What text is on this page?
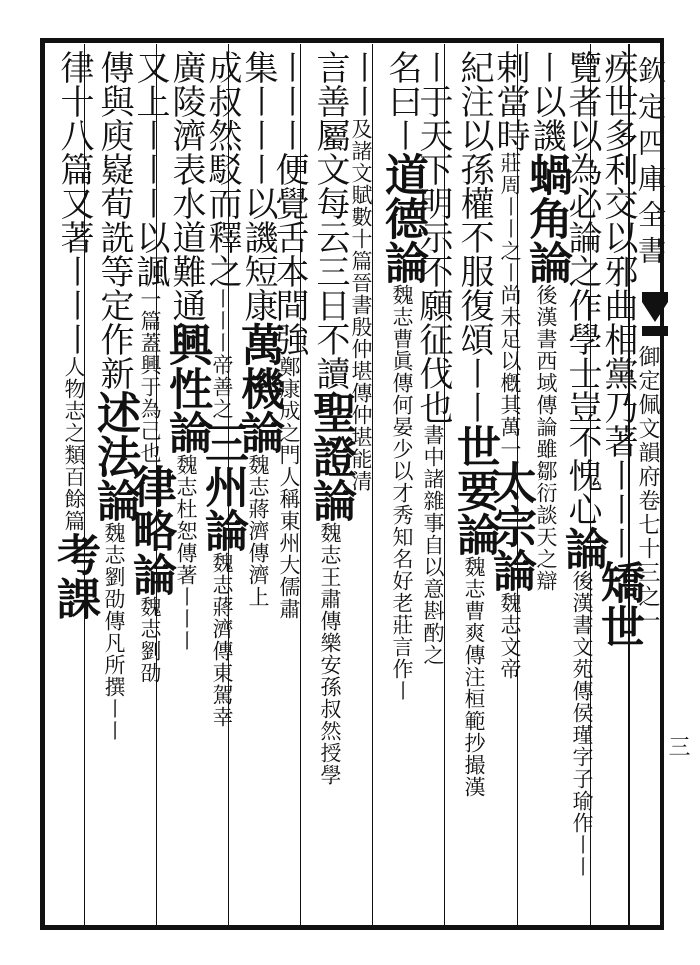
欽定四庫全書
御定佩文韻府卷七十三之一
三
疾世多利交以邪曲相黨乃著〡〡〡矯世
覽者以為必論之作學士豈不愧心論後漢書文苑傳侯瑾字子瑜作〡〡
〡以譏蝸角論後漢書西域傳論雖鄒衍談天之辯
剌當時莊周〡〡之〡尚未足以槪其萬一太宗論魏志文帝
紀注以孫權不服復頌〡〡世要論魏志曹爽傳注桓範抄撮漢
〡于天下明示不願征伐也書中諸雜事自以意斟酌之
名曰〡道德論魏志曹眞傳何晏少以才秀知名好老莊言作〡
〡〡及諸文賦數十篇晉書殷仲堪傳仲堪能清
言善屬文每云三日不讀聖證論魏志王肅傳樂安孫叔然授學
〡〡〡便覺舌本間強鄭康成之門人稱東州大儒肅
集〡〡〡以譏短康萬機論魏志蔣濟傳濟上
成叔然駁而釋之〡〡〡帝善之三州論魏志蔣濟傳東駕幸
廣陵濟表水道難通興性論魏志杜恕傳著〡〡〡
又上〡〡〡以諷一篇蓋興于為己也律略論魏志劉劭
傳與庾嶷荀詵等定作新述法論魏志劉劭傳凡所撰〡〡
律十八篇又著〡〡〡人物志之類百餘篇考課
